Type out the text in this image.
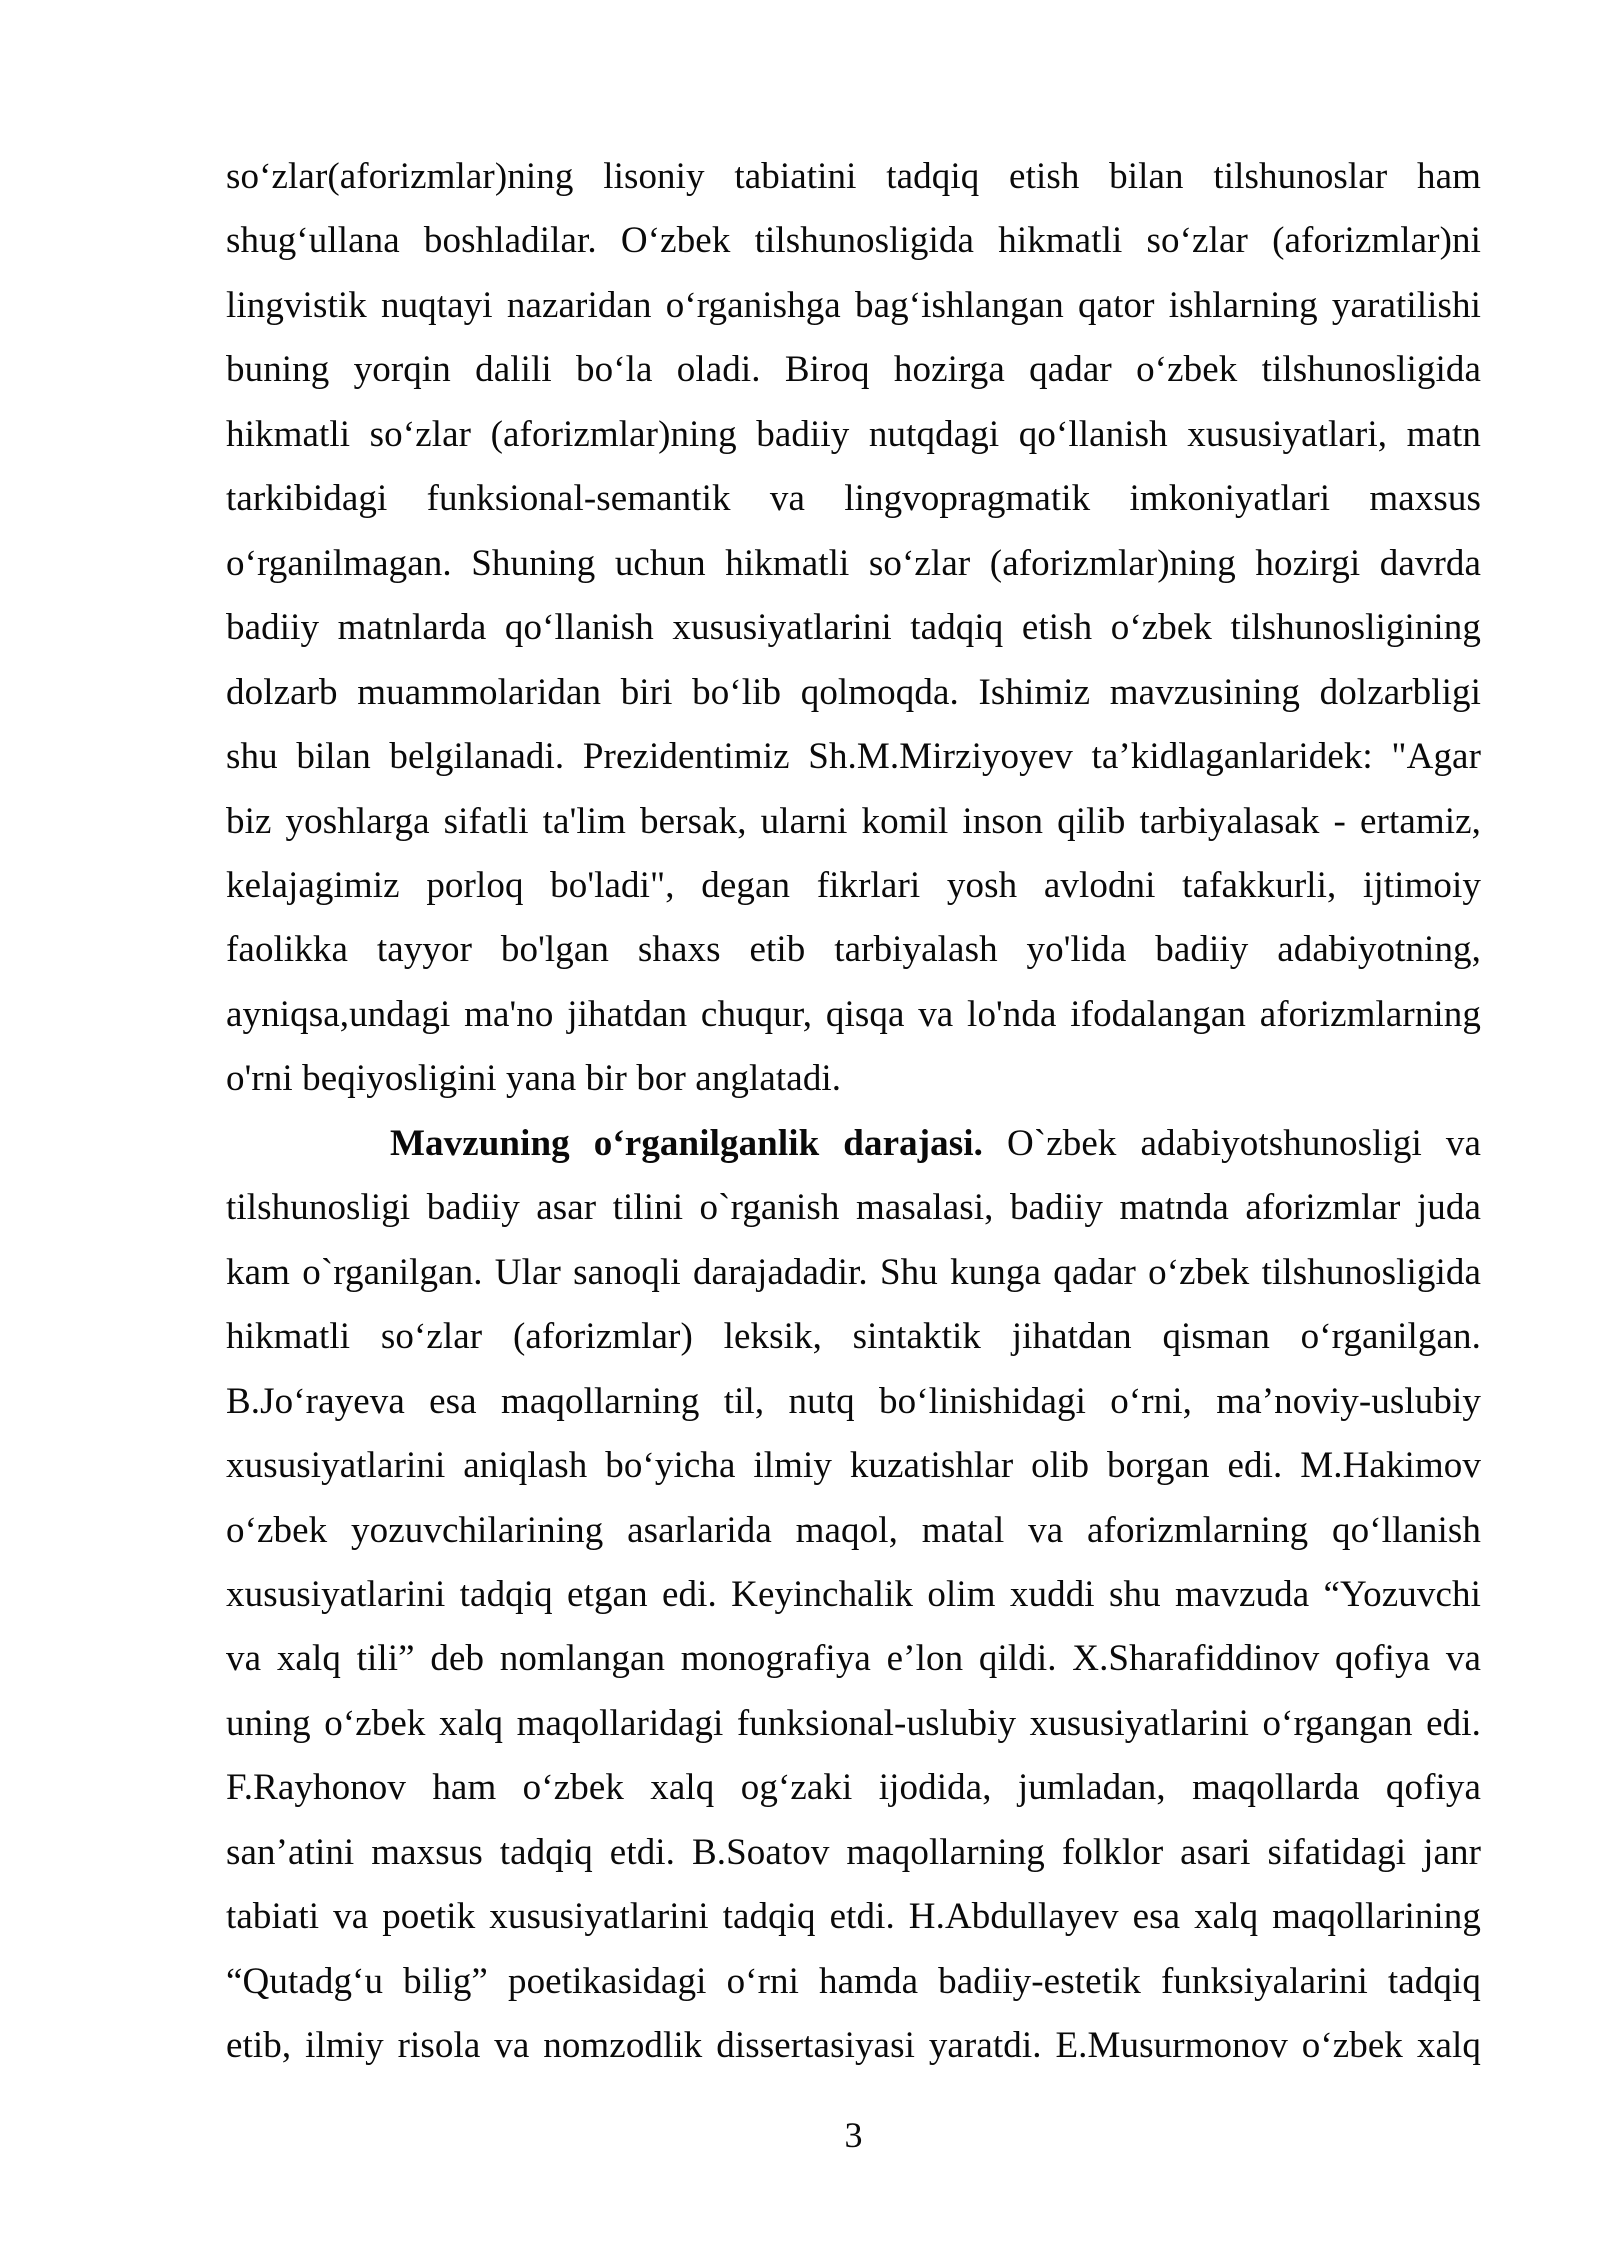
so‘zlar(aforizmlar)ning lisoniy tabiatini tadqiq etish bilan tilshunoslar ham
shug‘ullana boshladilar. O‘zbek tilshunosligida hikmatli so‘zlar (aforizmlar)ni
lingvistik nuqtayi nazaridan o‘rganishga bag‘ishlangan qator ishlarning yaratilishi
buning yorqin dalili bo‘la oladi. Biroq hozirga qadar o‘zbek tilshunosligida
hikmatli so‘zlar (aforizmlar)ning badiiy nutqdagi qo‘llanish xususiyatlari, matn
tarkibidagi funksional-semantik va lingvopragmatik imkoniyatlari maxsus
o‘rganilmagan. Shuning uchun hikmatli so‘zlar (aforizmlar)ning hozirgi davrda
badiiy matnlarda qo‘llanish xususiyatlarini tadqiq etish o‘zbek tilshunosligining
dolzarb muammolaridan biri bo‘lib qolmoqda. Ishimiz mavzusining dolzarbligi
shu bilan belgilanadi. Prezidentimiz Sh.M.Mirziyoyev ta’kidlaganlaridek: "Agar
biz yoshlarga sifatli ta'lim bersak, ularni komil inson qilib tarbiyalasak - ertamiz,
kelajagimiz porloq bo'ladi", degan fikrlari yosh avlodni tafakkurli, ijtimoiy
faolikka tayyor bo'lgan shaxs etib tarbiyalash yo'lida badiiy adabiyotning,
ayniqsa,undagi ma'no jihatdan chuqur, qisqa va lo'nda ifodalangan aforizmlarning
o'rni beqiyosligini yana bir bor anglatadi.
Mavzuning o‘rganilganlik darajasi. O`zbek adabiyotshunosligi va
tilshunosligi badiiy asar tilini o`rganish masalasi, badiiy matnda aforizmlar juda
kam o`rganilgan. Ular sanoqli darajadadir. Shu kunga qadar o‘zbek tilshunosligida
hikmatli so‘zlar (aforizmlar) leksik, sintaktik jihatdan qisman o‘rganilgan.
B.Jo‘rayeva esa maqollarning til, nutq bo‘linishidagi o‘rni, ma’noviy-uslubiy
xususiyatlarini aniqlash bo‘yicha ilmiy kuzatishlar olib borgan edi. M.Hakimov
o‘zbek yozuvchilarining asarlarida maqol, matal va aforizmlarning qo‘llanish
xususiyatlarini tadqiq etgan edi. Keyinchalik olim xuddi shu mavzuda “Yozuvchi
va xalq tili” deb nomlangan monografiya e’lon qildi. X.Sharafiddinov qofiya va
uning o‘zbek xalq maqollaridagi funksional-uslubiy xususiyatlarini o‘rgangan edi.
F.Rayhonov ham o‘zbek xalq og‘zaki ijodida, jumladan, maqollarda qofiya
san’atini maxsus tadqiq etdi. B.Soatov maqollarning folklor asari sifatidagi janr
tabiati va poetik xususiyatlarini tadqiq etdi. H.Abdullayev esa xalq maqollarining
“Qutadg‘u bilig” poetikasidagi o‘rni hamda badiiy-estetik funksiyalarini tadqiq
etib, ilmiy risola va nomzodlik dissertasiyasi yaratdi. E.Musurmonov o‘zbek xalq
3
